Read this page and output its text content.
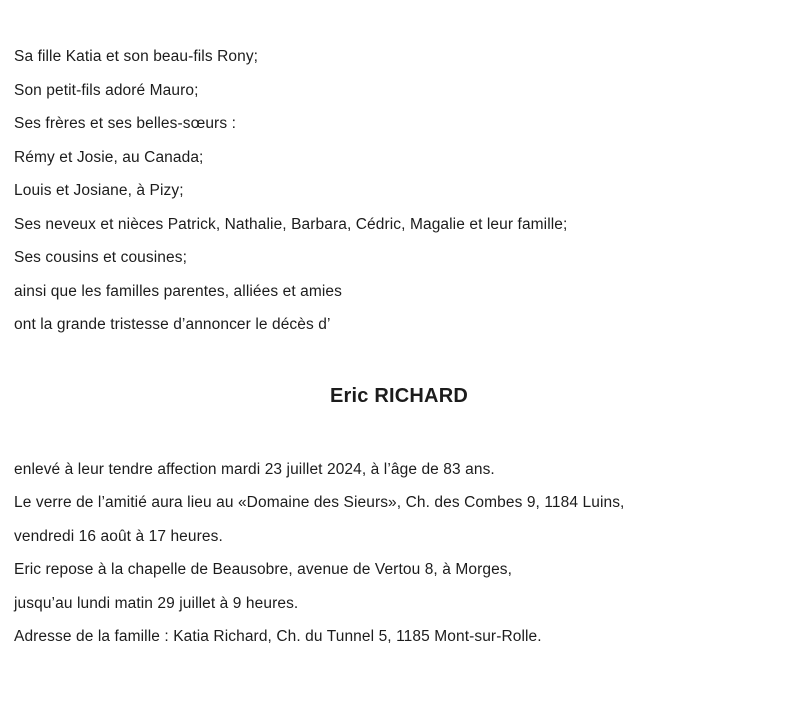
Sa fille Katia et son beau-fils Rony;

Son petit-fils adoré Mauro;

Ses frères et ses belles-sœurs :

Rémy et Josie, au Canada;

Louis et Josiane, à Pizy;

Ses neveux et nièces Patrick, Nathalie, Barbara, Cédric, Magalie et leur famille;

Ses cousins et cousines;

ainsi que les familles parentes, alliées et amies

ont la grande tristesse d’annoncer le décès d’

Eric RICHARD

enlevé à leur tendre affection mardi 23 juillet 2024, à l’âge de 83 ans.

Le verre de l’amitié aura lieu au «Domaine des Sieurs», Ch. des Combes 9, 1184 Luins,

vendredi 16 août à 17 heures.

Eric repose à la chapelle de Beausobre, avenue de Vertou 8, à Morges,

jusqu’au lundi matin 29 juillet à 9 heures.

Adresse de la famille : Katia Richard, Ch. du Tunnel 5, 1185 Mont-sur-Rolle.
